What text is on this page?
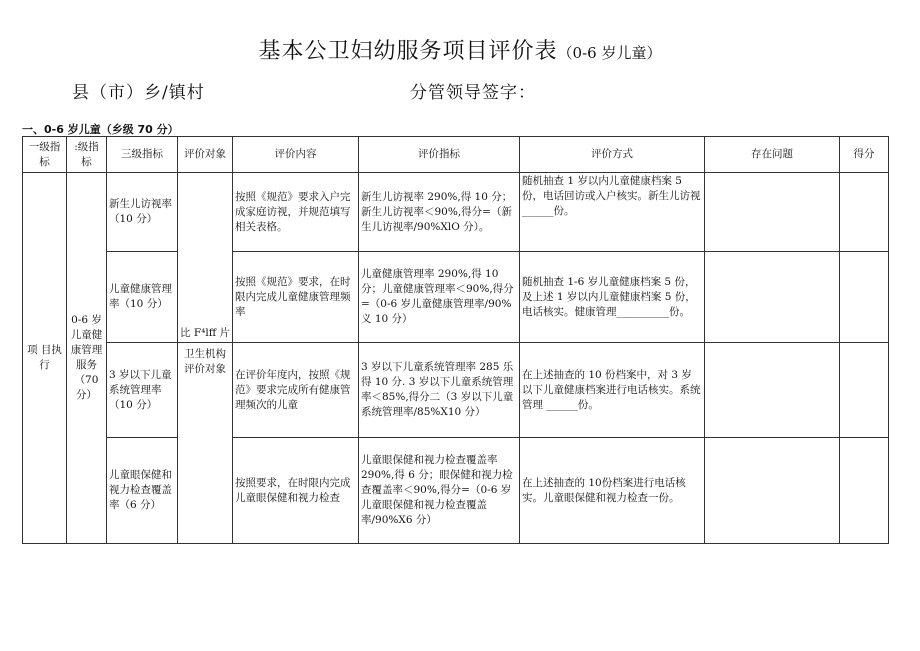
基本公卫妇幼服务项目评价表（0-6 岁儿童）
县（市）乡/镇村	分管领导签字：
一、0-6 岁儿童（乡级 70 分）
一级指标	:级指标	三级指标	评价对象	评价内容	评价指标	评价方式	存在问题	得分
项 目执行	0-6 岁儿童健康管理服务（70 分）	新生儿访视率（10 分）	比 F⁴lff 片	按照《规范》要求入户完成家庭访视，并规范填写相关表格。	新生儿访视率 290%,得 10 分；新生儿访视率＜90%,得分=（新生儿访视率/90%XlO 分）。	随机抽查 1 岁以内儿童健康档案 5 份，电话回访或入户核实。新生儿访视______份。		
		儿童健康管理率（10 分）		按照《规范》要求，在时限内完成儿童健康管理频率	儿童健康管理率 290%,得 10 分；儿童健康管理率＜90%,得分=（0-6 岁儿童健康管理率/90%义 10 分）	随机抽查 1-6 岁儿童健康档案 5 份，及上述 1 岁以内儿童健康档案 5 份，电话核实。健康管理__________份。		
		3 岁以下儿童系统管理率（10 分）	卫生机构评价对象	在评价年度内，按照《规范》要求完成所有健康管理频次的儿童	3 岁以下儿童系统管理率 285 乐得 10 分. 3 岁以下儿童系统管理率＜85%,得分二（3 岁以下儿童系统管理率/85%X10 分）	在上述抽查的 10 份档案中，对 3 岁以下儿童健康档案进行电话核实。系统管理 ______份。		
		儿童眼保健和视力检查覆盖率（6 分）		按照要求，在时限内完成儿童眼保健和视力检查	儿童眼保健和视力检查覆盖率 290%,得 6 分；眼保健和视力检查覆盖率＜90%,得分=（0-6 岁儿童眼保健和视力检查覆盖率/90%X6 分）	在上述抽查的 10份档案进行电话核实。儿童眼保健和视力检查一份。		
